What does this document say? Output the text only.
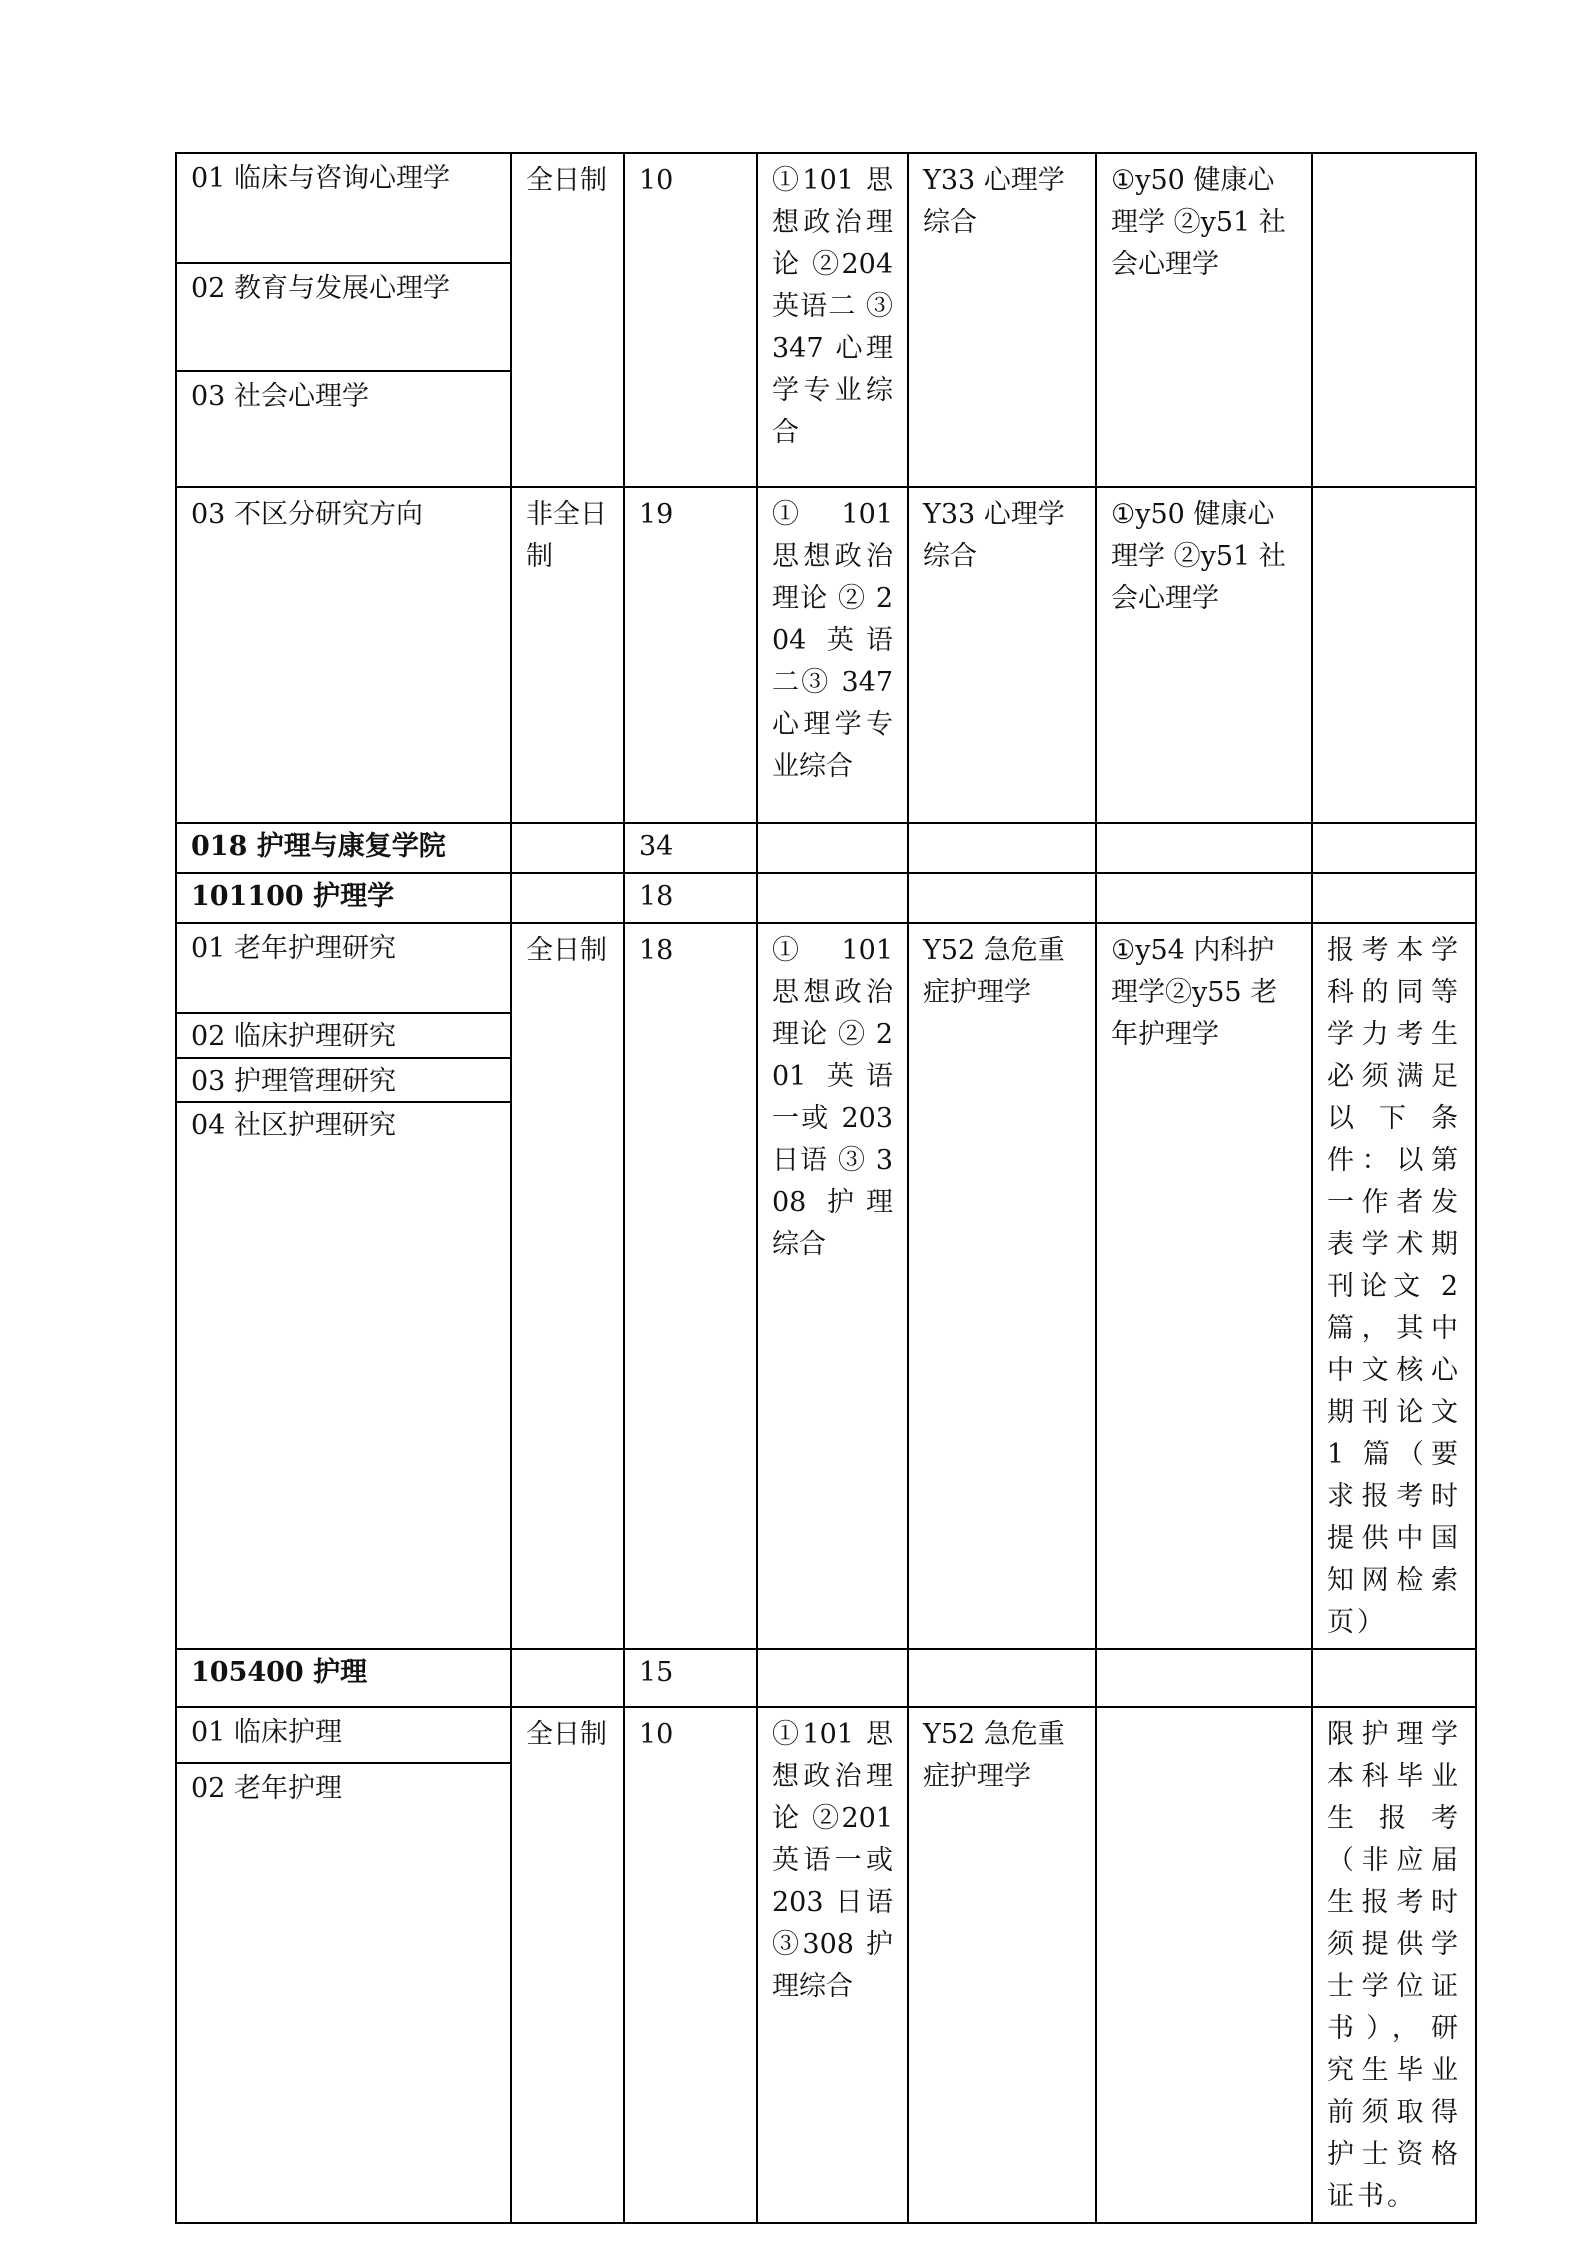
01 临床与咨询心理学
02 教育与发展心理学
03 社会心理学	全日制	10	①101 思想政治理论 ②204英语二 ③347 心理学专业综合	Y33 心理学综合	①y50 健康心理学 ②y51 社会心理学	
03 不区分研究方向	非全日制	19	① 101 思想政治理论 ② 204 英语二③ 347 心理学专业综合	Y33 心理学综合	①y50 健康心理学 ②y51 社会心理学	
018 护理与康复学院		34				
101100 护理学		18				

01 老年护理研究
02 临床护理研究
03 护理管理研究
04 社区护理研究	全日制	18	① 101 思想政治理论 ② 201 英语一或 203 日语 ③ 308 护理综合	Y52 急危重症护理学	①y54 内科护理学②y55 老年护理学	报考本学科的同等学力考生必须满足以下条件：以第一作者发表学术期刊论文 2 篇，其中中文核心期刊论文 1 篇（要求报考时提供中国知网检索页）
105400 护理		15				

01 临床护理
02 老年护理	全日制	10	①101 思想政治理论 ②201 英语一或 203 日语 ③308 护理综合	Y52 急危重症护理学		限护理学本科毕业生报考（非应届生报考时须提供学士学位证书），研究生毕业前须取得护士资格证书。
